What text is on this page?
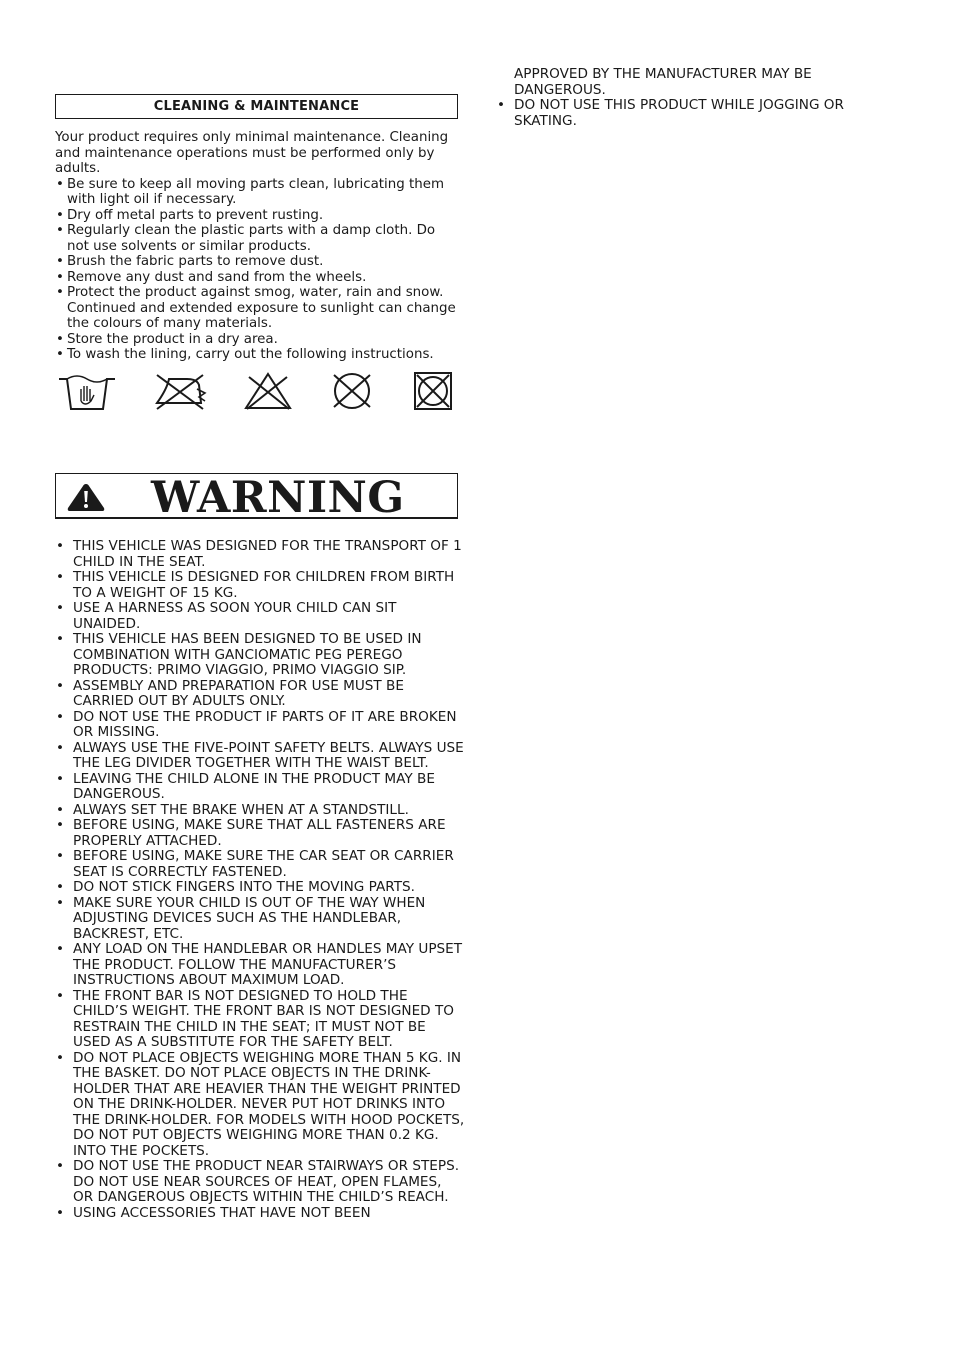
CLEANING & MAINTENANCE

Your product requires only minimal maintenance. Cleaning and maintenance operations must be performed only by adults.

• Be sure to keep all moving parts clean, lubricating them with light oil if necessary.
• Dry off metal parts to prevent rusting.
• Regularly clean the plastic parts with a damp cloth. Do not use solvents or similar products.
• Brush the fabric parts to remove dust.
• Remove any dust and sand from the wheels.
• Protect the product against smog, water, rain and snow. Continued and extended exposure to sunlight can change the colours of many materials.
• Store the product in a dry area.
• To wash the lining, carry out the following instructions.
WARNING
• THIS VEHICLE WAS DESIGNED FOR THE TRANSPORT OF 1 CHILD IN THE SEAT.
• THIS VEHICLE IS DESIGNED FOR CHILDREN FROM BIRTH TO A WEIGHT OF 15 KG.
• USE A HARNESS AS SOON YOUR CHILD CAN SIT UNAIDED.
• THIS VEHICLE HAS BEEN DESIGNED TO BE USED IN COMBINATION WITH GANCIOMATIC PEG PEREGO PRODUCTS: PRIMO VIAGGIO, PRIMO VIAGGIO SIP.
• ASSEMBLY AND PREPARATION FOR USE MUST BE CARRIED OUT BY ADULTS ONLY.
• DO NOT USE THE PRODUCT IF PARTS OF IT ARE BROKEN OR MISSING.
• ALWAYS USE THE FIVE-POINT SAFETY BELTS. ALWAYS USE THE LEG DIVIDER TOGETHER WITH THE WAIST BELT.
• LEAVING THE CHILD ALONE IN THE PRODUCT MAY BE DANGEROUS.
• ALWAYS SET THE BRAKE WHEN AT A STANDSTILL.
• BEFORE USING, MAKE SURE THAT ALL FASTENERS ARE PROPERLY ATTACHED.
• BEFORE USING, MAKE SURE THE CAR SEAT OR CARRIER SEAT IS CORRECTLY FASTENED.
• DO NOT STICK FINGERS INTO THE MOVING PARTS.
• MAKE SURE YOUR CHILD IS OUT OF THE WAY WHEN ADJUSTING DEVICES SUCH AS THE HANDLEBAR, BACKREST, ETC.
• ANY LOAD ON THE HANDLEBAR OR HANDLES MAY UPSET THE PRODUCT. FOLLOW THE MANUFACTURER’S INSTRUCTIONS ABOUT MAXIMUM LOAD.
• THE FRONT BAR IS NOT DESIGNED TO HOLD THE CHILD’S WEIGHT. THE FRONT BAR IS NOT DESIGNED TO RESTRAIN THE CHILD IN THE SEAT; IT MUST NOT BE USED AS A SUBSTITUTE FOR THE SAFETY BELT.
• DO NOT PLACE OBJECTS WEIGHING MORE THAN 5 KG. IN THE BASKET. DO NOT PLACE OBJECTS IN THE DRINK-HOLDER THAT ARE HEAVIER THAN THE WEIGHT PRINTED ON THE DRINK-HOLDER. NEVER PUT HOT DRINKS INTO THE DRINK-HOLDER. FOR MODELS WITH HOOD POCKETS, DO NOT PUT OBJECTS WEIGHING MORE THAN 0.2 KG. INTO THE POCKETS.
• DO NOT USE THE PRODUCT NEAR STAIRWAYS OR STEPS. DO NOT USE NEAR SOURCES OF HEAT, OPEN FLAMES, OR DANGEROUS OBJECTS WITHIN THE CHILD’S REACH.
• USING ACCESSORIES THAT HAVE NOT BEEN
APPROVED BY THE MANUFACTURER MAY BE DANGEROUS.
• DO NOT USE THIS PRODUCT WHILE JOGGING OR SKATING.
